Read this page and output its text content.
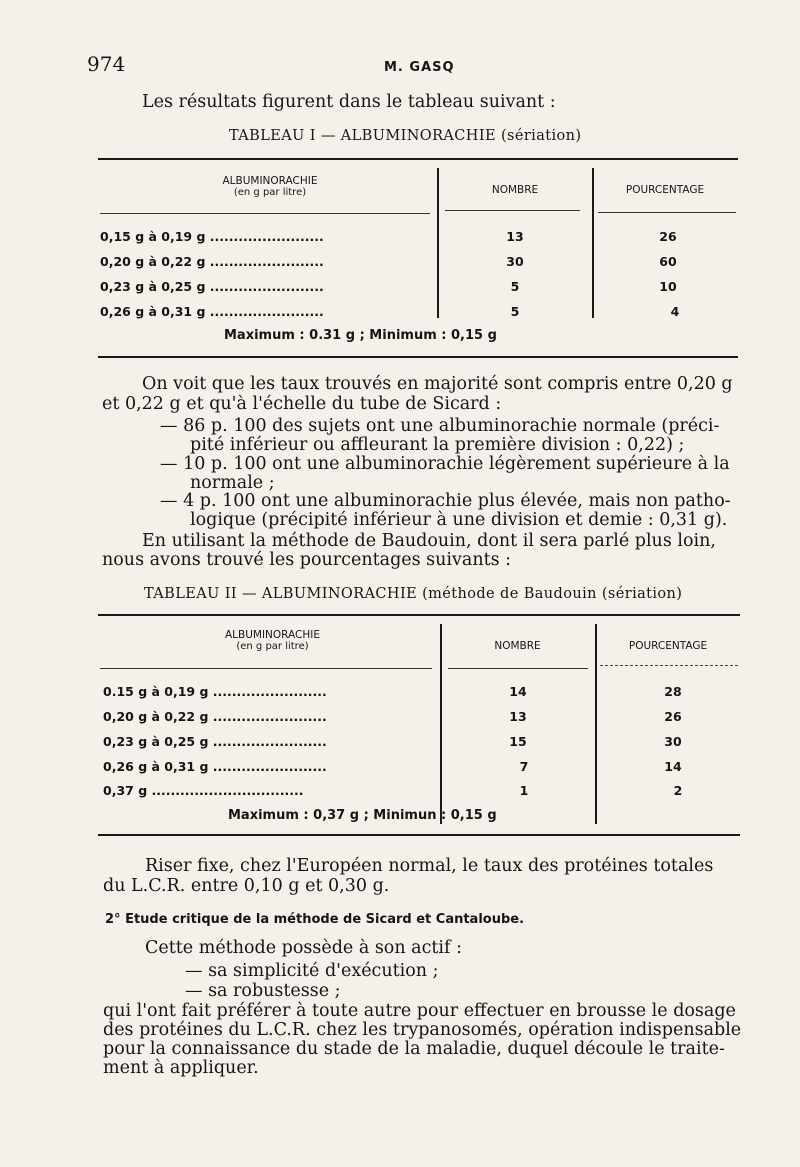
974	M. GASQ
Les résultats figurent dans le tableau suivant :
TABLEAU I — ALBUMINORACHIE (sériation)
ALBUMINORACHIE
(en g par litre)	NOMBRE	POURCENTAGE
0,15 g à 0,19 g ........................	13	26
0,20 g à 0,22 g ........................	30	60
0,23 g à 0,25 g ........................	5	10
0,26 g à 0,31 g ........................	5	4
Maximum : 0.31 g ; Minimum : 0,15 g
On voit que les taux trouvés en majorité sont compris entre 0,20 g
et 0,22 g et qu'à l'échelle du tube de Sicard :
— 86 p. 100 des sujets ont une albuminorachie normale (préci-
pité inférieur ou affleurant la première division : 0,22) ;
— 10 p. 100 ont une albuminorachie légèrement supérieure à la
normale ;
— 4 p. 100 ont une albuminorachie plus élevée, mais non patho-
logique (précipité inférieur à une division et demie : 0,31 g).
En utilisant la méthode de Baudouin, dont il sera parlé plus loin,
nous avons trouvé les pourcentages suivants :
TABLEAU II — ALBUMINORACHIE (méthode de Baudouin (sériation)
ALBUMINORACHIE
(en g par litre)	NOMBRE	POURCENTAGE
0.15 g à 0,19 g ........................	14	28
0,20 g à 0,22 g ........................	13	26
0,23 g à 0,25 g ........................	15	30
0,26 g à 0,31 g ........................	7	14
0,37 g ................................	1	2
Maximum : 0,37 g ; Minimun : 0,15 g
Riser fixe, chez l'Européen normal, le taux des protéines totales
du L.C.R. entre 0,10 g et 0,30 g.
2° Etude critique de la méthode de Sicard et Cantaloube.
Cette méthode possède à son actif :
— sa simplicité d'exécution ;
— sa robustesse ;
qui l'ont fait préférer à toute autre pour effectuer en brousse le dosage
des protéines du L.C.R. chez les trypanosomés, opération indispensable
pour la connaissance du stade de la maladie, duquel découle le traite-
ment à appliquer.
